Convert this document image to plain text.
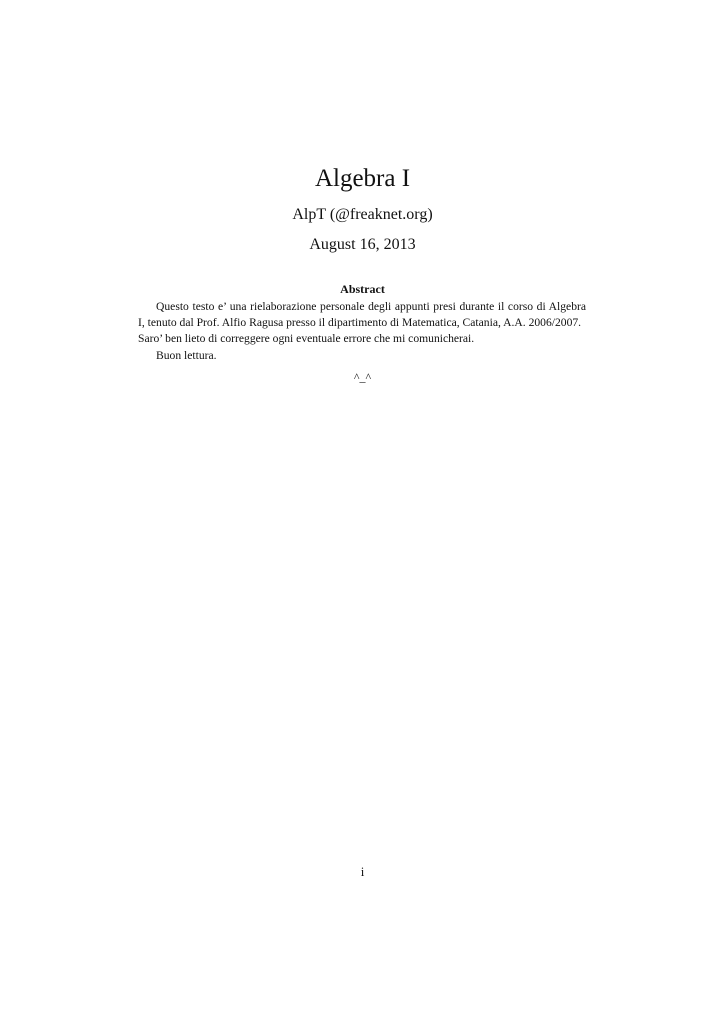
Algebra I
AlpT (@freaknet.org)
August 16, 2013
Abstract

Questo testo e’ una rielaborazione personale degli appunti presi durante il corso di Algebra I, tenuto dal Prof. Alfio Ragusa presso il dipartimento di Matematica, Catania, A.A. 2006/2007.

Saro’ ben lieto di correggere ogni eventuale errore che mi comunicherai.

Buon lettura.

^_^
i
